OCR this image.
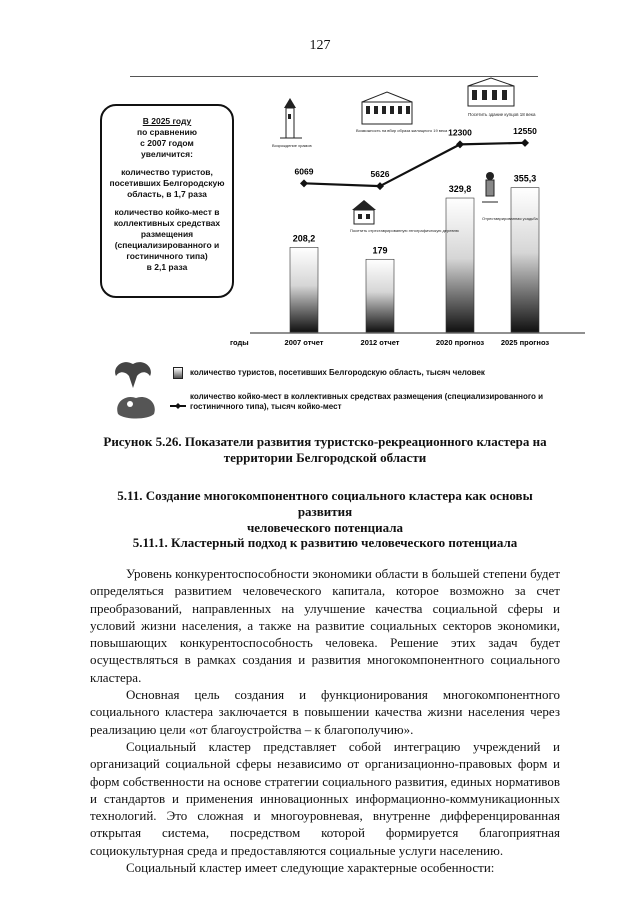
127

В 2025 году

по сравнению

с 2007 годом

увеличится:

количество туристов,

посетивших Белгородскую

область, в 1,7 раза

количество койко-мест в

коллективных средствах

размещения

(специализированного и

гостиничного типа)

в 2,1 раза

208,2
179
329,8
355,3
6069	5626
12300	12550
2007 отчет	2012 отчет	2020 прогноз 2025 прогноз
годы
Возрождение храмов
Возможность на вбир образа жилищного 19 века
Посетить отреставрированную этнографическую деревню
Посетить здание купцов 18 века
Отреставрированная усадьба
количество туристов, посетивших Белгородскую область, тысяч человек
количество койко-мест в коллективных средствах размещения (специализированного и
гостиничного типа), тысяч койко-мест
Рисунок 5.26. Показатели развития туристско-рекреационного кластера на
территории Белгородской области
5.11. Создание многокомпонентного социального кластера как основы развития
человеческого потенциала
5.11.1. Кластерный подход к развитию человеческого потенциала

Уровень конкурентоспособности экономики области в большей степени будет определяться развитием человеческого капитала, которое возможно за счет преобразований, направленных на улучшение качества социальной сферы и условий жизни населения, а также на развитие социальных секторов экономики, повышающих конкурентоспособность человека. Решение этих задач будет осуществляться в рамках создания и развития многокомпонентного социального кластера.

Основная цель создания и функционирования многокомпонентного социального кластера заключается в повышении качества жизни населения через реализацию цели «от благоустройства – к благополучию».

Социальный кластер представляет собой интеграцию учреждений и организаций социальной сферы независимо от организационно-правовых форм и форм собственности на основе стратегии социального развития, единых нормативов и стандартов и применения инновационных информационно-коммуникационных технологий. Это сложная и многоуровневая, внутренне дифференцированная открытая система, посредством которой формируется благоприятная социокультурная среда и предоставляются социальные услуги населению.

Социальный кластер имеет следующие характерные особенности:
